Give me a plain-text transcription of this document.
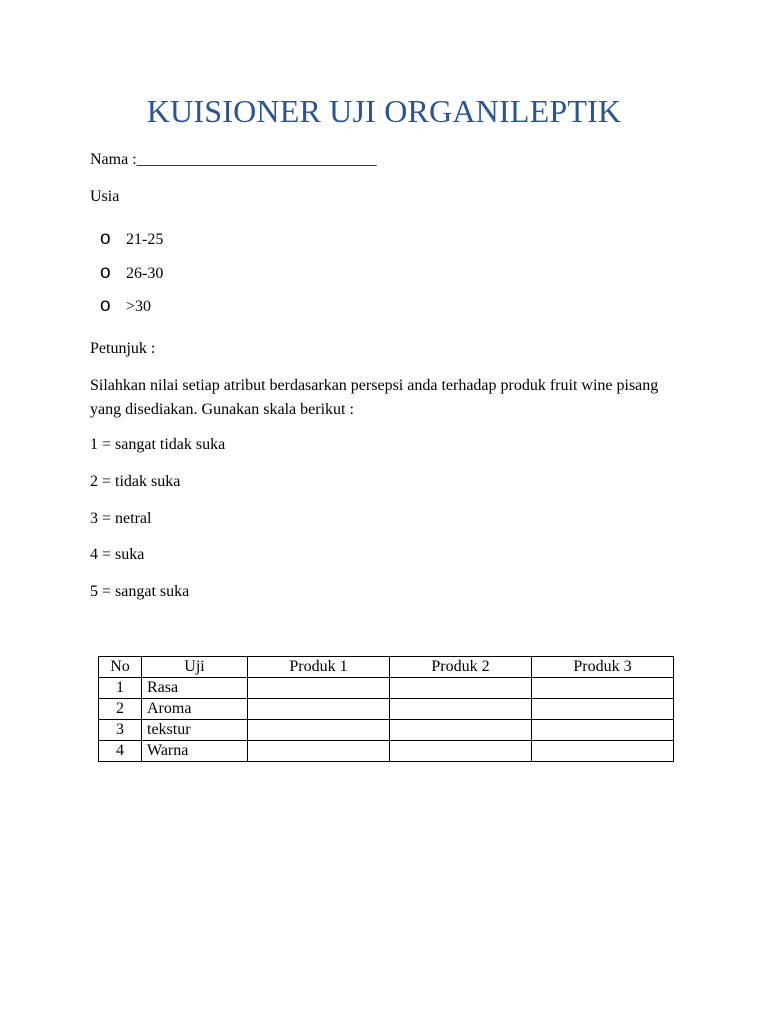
KUISIONER UJI ORGANILEPTIK
Nama :______________________________
Usia
o 21-25
o 26-30
o >30
Petunjuk :
Silahkan nilai setiap atribut berdasarkan persepsi anda terhadap produk fruit wine pisang yang disediakan. Gunakan skala berikut :
1 = sangat tidak suka
2 = tidak suka
3 = netral
4 = suka
5 = sangat suka
No	Uji	Produk 1	Produk 2	Produk 3
1	Rasa			
2	Aroma			
3	tekstur			
4	Warna			
